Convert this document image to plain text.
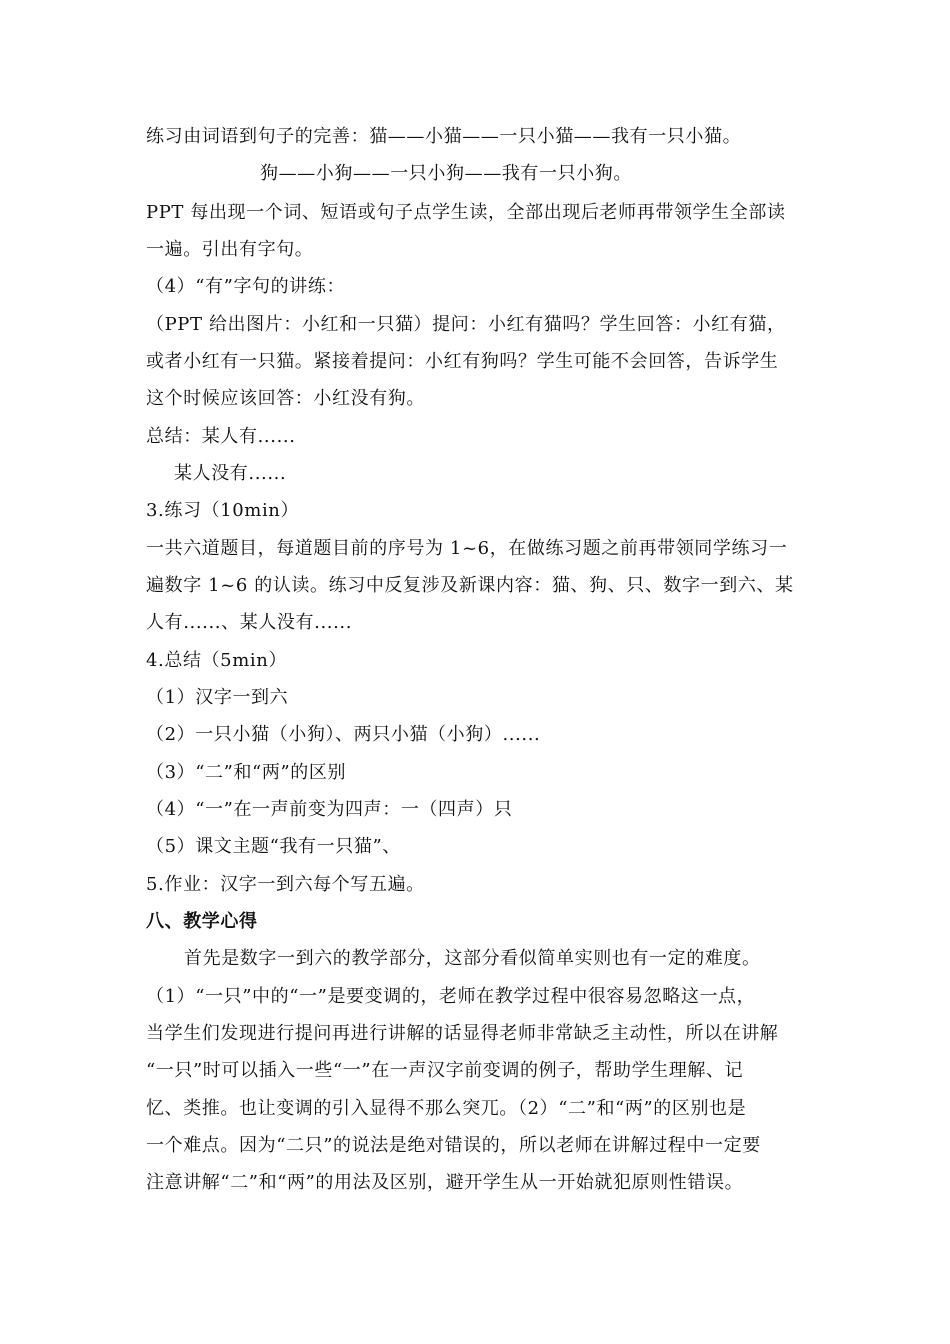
练习由词语到句子的完善：猫——小猫——一只小猫——我有一只小猫。
狗——小狗——一只小狗——我有一只小狗。
PPT 每出现一个词、短语或句子点学生读，全部出现后老师再带领学生全部读
一遍。引出有字句。
（4）“有”字句的讲练：
（PPT 给出图片：小红和一只猫）提问：小红有猫吗？学生回答：小红有猫，
或者小红有一只猫。紧接着提问：小红有狗吗？学生可能不会回答，告诉学生
这个时候应该回答：小红没有狗。
总结：某人有......
某人没有......
3.练习（10min）
一共六道题目，每道题目前的序号为 1~6，在做练习题之前再带领同学练习一
遍数字 1~6 的认读。练习中反复涉及新课内容：猫、狗、只、数字一到六、某
人有......、某人没有......
4.总结（5min）
（1）汉字一到六
（2）一只小猫（小狗）、两只小猫（小狗）......
（3）“二”和“两”的区别
（4）“一”在一声前变为四声：一（四声）只
（5）课文主题“我有一只猫”、
5.作业：汉字一到六每个写五遍。
八、教学心得
首先是数字一到六的教学部分，这部分看似简单实则也有一定的难度。
（1）“一只”中的“一”是要变调的，老师在教学过程中很容易忽略这一点，
当学生们发现进行提问再进行讲解的话显得老师非常缺乏主动性，所以在讲解
“一只”时可以插入一些“一”在一声汉字前变调的例子，帮助学生理解、记
忆、类推。也让变调的引入显得不那么突兀。（2）“二”和“两”的区别也是
一个难点。因为“二只”的说法是绝对错误的，所以老师在讲解过程中一定要
注意讲解“二”和“两”的用法及区别，避开学生从一开始就犯原则性错误。
